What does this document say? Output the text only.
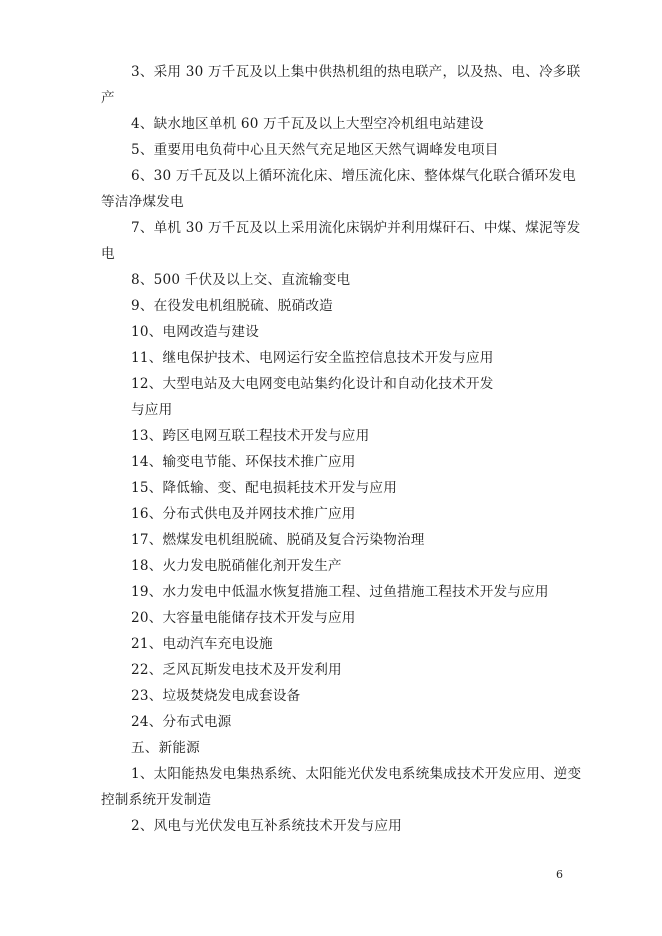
3、采用 30 万千瓦及以上集中供热机组的热电联产，以及热、电、冷多联
产
4、缺水地区单机 60 万千瓦及以上大型空冷机组电站建设
5、重要用电负荷中心且天然气充足地区天然气调峰发电项目
6、30 万千瓦及以上循环流化床、增压流化床、整体煤气化联合循环发电
等洁净煤发电
7、单机 30 万千瓦及以上采用流化床锅炉并利用煤矸石、中煤、煤泥等发
电
8、500 千伏及以上交、直流输变电
9、在役发电机组脱硫、脱硝改造
10、电网改造与建设
11、继电保护技术、电网运行安全监控信息技术开发与应用
12、大型电站及大电网变电站集约化设计和自动化技术开发
与应用
13、跨区电网互联工程技术开发与应用
14、输变电节能、环保技术推广应用
15、降低输、变、配电损耗技术开发与应用
16、分布式供电及并网技术推广应用
17、燃煤发电机组脱硫、脱硝及复合污染物治理
18、火力发电脱硝催化剂开发生产
19、水力发电中低温水恢复措施工程、过鱼措施工程技术开发与应用
20、大容量电能储存技术开发与应用
21、电动汽车充电设施
22、乏风瓦斯发电技术及开发利用
23、垃圾焚烧发电成套设备
24、分布式电源
五、新能源
1、太阳能热发电集热系统、太阳能光伏发电系统集成技术开发应用、逆变
控制系统开发制造
2、风电与光伏发电互补系统技术开发与应用
6
